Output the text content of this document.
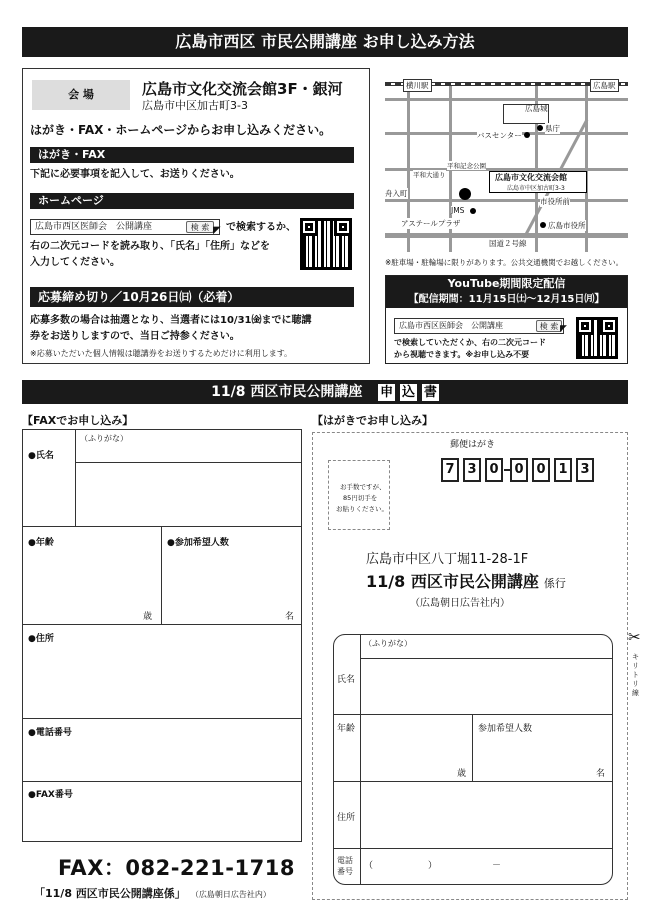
広島市西区 市民公開講座 お申し込み方法
会 場	広島市文化交流会館3F・銀河
広島市中区加古町3-3
はがき・FAX・ホームページからお申し込みください。
はがき・FAX
下記に必要事項を記入して、お送りください。
ホームページ
広島市西区医師会　公開講座	検 索 ◤ で検索するか、
右の二次元コードを読み取り、「氏名」「住所」などを
入力してください。
応募締め切り／10月26日㈰（必着）
応募多数の場合は抽選となり、当選者には10/31㈮までに聴講
券をお送りしますので、当日ご持参ください。
※応募いただいた個人情報は聴講券をお送りするためだけに利用します。
広島市文化交流会館
広島市中区加古町3-3
横川駅	広島駅
広島城
バスセンター
県庁
平和記念公園
平和大通り
舟入町
市役所前
JMS
アステールプラザ	広島市役所
国道２号線
※駐車場・駐輪場に限りがあります。公共交通機関でお越しください。
YouTube期間限定配信
【配信期間：11月15日㈯〜12月15日㈪】
広島市西区医師会　公開講座	検 索 ◤
で検索していただくか、右の二次元コード
から視聴できます。※お申し込み不要
11/8 西区市民公開講座 申 込 書
【FAXでお申し込み】
（ふりがな）
●氏名
●年齢
歳
●参加希望人数
名
●住所
●電話番号
●FAX番号
FAX：082-221-1718
「11/8 西区市民公開講座係」 （広島朝日広告社内）
【はがきでお申し込み】
郵便はがき
お手数ですが、
85円切手を
お貼りください。
7 3 0	0 0 1 3
広島市中区八丁堀11-28-1F
11/8 西区市民公開講座 係行
（広島朝日広告社内）
（ふりがな）
氏名
年齢
歳
参加希望人数
名
住所
電話
番号
（	）	－
✂
キリトリ線
